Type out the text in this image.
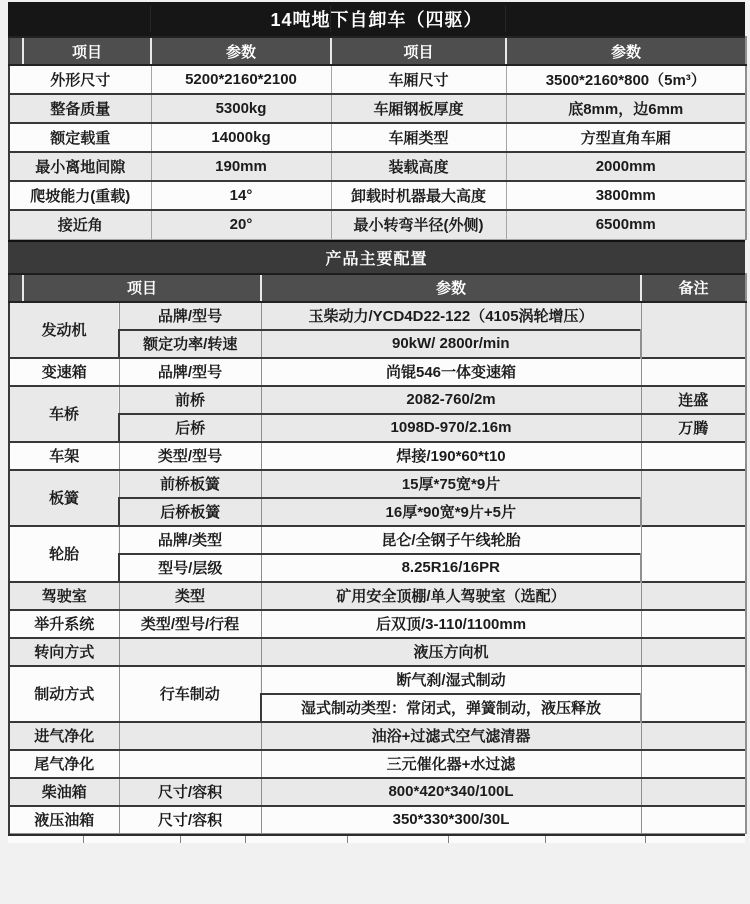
14吨地下自卸车（四驱）
	项目	参数	项目	参数
外形尺寸		5200*2160*2100	车厢尺寸	3500*2160*800（5m³）
整备质量		5300kg	车厢钢板厚度	底8mm，边6mm
额定载重		14000kg	车厢类型	方型直角车厢
最小离地间隙		190mm	装载高度	2000mm
爬坡能力(重载)		14°	卸载时机器最大高度	3800mm
接近角		20°	最小转弯半径(外侧)	6500mm
产品主要配置
	项目		参数	备注
发动机		品牌/型号	玉柴动力/YCD4D22-122（4105涡轮增压）	
		额定功率/转速	90kW/ 2800r/min	
变速箱		品牌/型号	尚锟546一体变速箱	
车桥		前桥	2082-760/2m	连盛
		后桥	1098D-970/2.16m	万腾
车架		类型/型号	焊接/190*60*t10	
板簧		前桥板簧	15厚*75宽*9片	
		后桥板簧	16厚*90宽*9片+5片	
轮胎		品牌/类型	昆仑/全钢子午线轮胎	
		型号/层级	8.25R16/16PR	
驾驶室		类型	矿用安全顶棚/单人驾驶室（选配）	
举升系统		类型/型号/行程	后双顶/3-110/1100mm	
转向方式			液压方向机	
制动方式		行车制动	断气刹/湿式制动	
			湿式制动类型：常闭式，弹簧制动，液压释放	
进气净化			油浴+过滤式空气滤清器	
尾气净化			三元催化器+水过滤	
柴油箱		尺寸/容积	800*420*340/100L	
液压油箱		尺寸/容积	350*330*300/30L	
